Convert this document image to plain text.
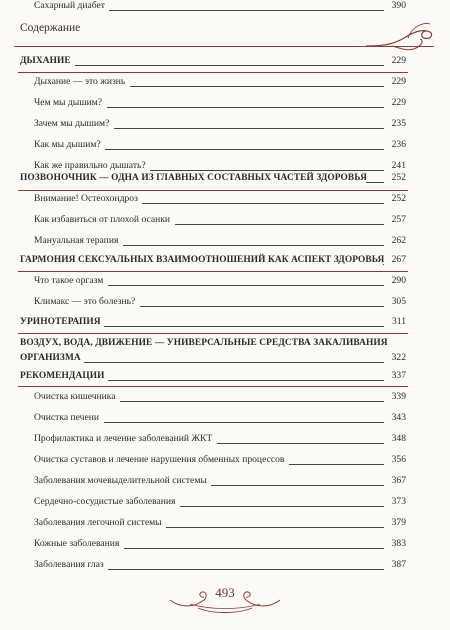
Содержание
ДЫХАНИЕ	229
Дыхание — это жизнь	229
Чем мы дышим?	229
Зачем мы дышим?	235
Как мы дышим?	236
Как же правильно дышать?	241
ПОЗВОНОЧНИК — ОДНА ИЗ ГЛАВНЫХ СОСТАВНЫХ ЧАСТЕЙ ЗДОРОВЬЯ	252
Внимание! Остеохондроз	252
Как избавиться от плохой осанки	257
Мануальная терапия	262
ГАРМОНИЯ СЕКСУАЛЬНЫХ ВЗАИМООТНОШЕНИЙ КАК АСПЕКТ ЗДОРОВЬЯ 267
Что такое оргазм	290
Климакс — это болезнь?	305
УРИНОТЕРАПИЯ	311
ВОЗДУХ, ВОДА, ДВИЖЕНИЕ — УНИВЕРСАЛЬНЫЕ СРЕДСТВА ЗАКАЛИВАНИЯ
ОРГАНИЗМА	322
РЕКОМЕНДАЦИИ	337
Очистка кишечника	339
Очистка печени	343
Профилактика и лечение заболеваний ЖКТ	348
Очистка суставов и лечение нарушения обменных процессов	356
Заболевания мочевыделительной системы	367
Сердечно-сосудистые заболевания	373
Заболевания легочной системы	379
Кожные заболевания	383
Заболевания глаз	387
Сахарный диабет	390
493
